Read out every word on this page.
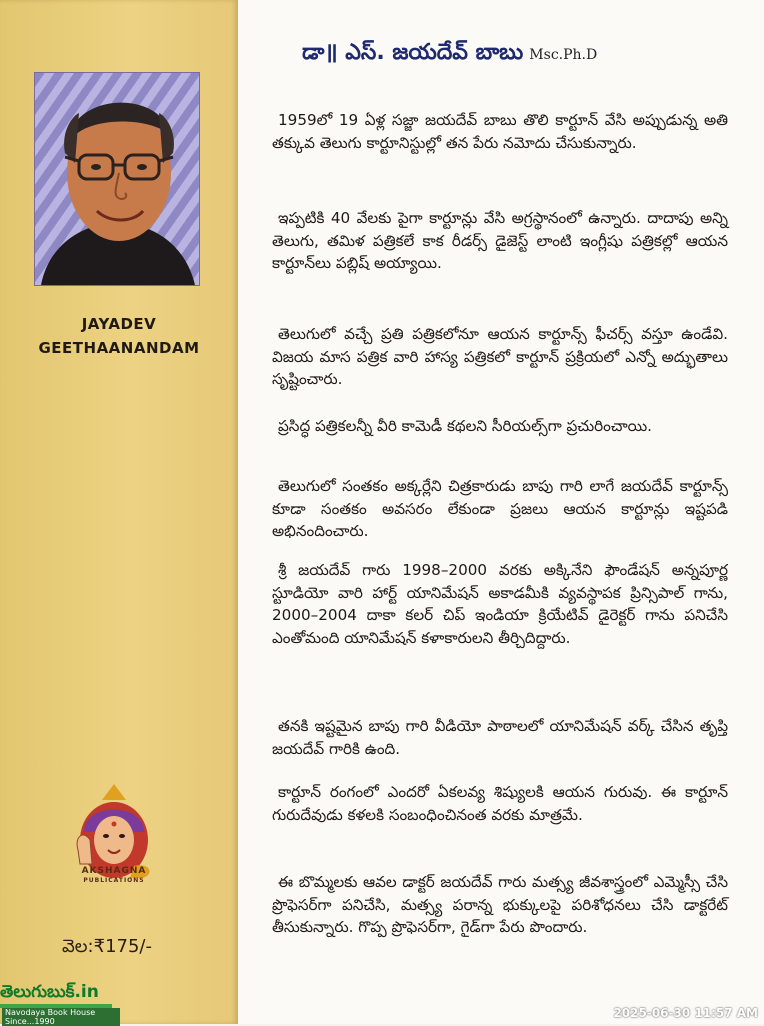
JAYADEV
GEETHAANANDAM
AKSHAGNA
PUBLICATIONS
వెల:₹175/-
తెలుగుబుక్.in
Navodaya Book House Since...1990
డా॥ ఎస్. జయదేవ్ బాబు Msc.Ph.D

1959లో 19 ఏళ్ల సజ్జా జయదేవ్ బాబు తొలి కార్టూన్ వేసి అప్పుడున్న అతి తక్కువ తెలుగు కార్టూనిస్టుల్లో తన పేరు నమోదు చేసుకున్నారు.

ఇప్పటికి 40 వేలకు పైగా కార్టూన్లు వేసి అగ్రస్థానంలో ఉన్నారు. దాదాపు అన్ని తెలుగు, తమిళ పత్రికలే కాక రీడర్స్ డైజెస్ట్ లాంటి ఇంగ్లీషు పత్రికల్లో ఆయన కార్టూన్‌లు పబ్లిష్ అయ్యాయి.

తెలుగులో వచ్చే ప్రతి పత్రికలోనూ ఆయన కార్టూన్స్ ఫీచర్స్ వస్తూ ఉండేవి. విజయ మాస పత్రిక వారి హాస్య పత్రికలో కార్టూన్ ప్రక్రియలో ఎన్నో అద్భుతాలు సృష్టించారు.

ప్రసిద్ధ పత్రికలన్నీ వీరి కామెడీ కథలని సీరియల్స్‌గా ప్రచురించాయి.

తెలుగులో సంతకం అక్కర్లేని చిత్రకారుడు బాపు గారి లాగే జయదేవ్ కార్టూన్స్ కూడా సంతకం అవసరం లేకుండా ప్రజలు ఆయన కార్టూన్లు ఇష్టపడి అభినందించారు.

శ్రీ జయదేవ్ గారు 1998–2000 వరకు అక్కినేని ఫౌండేషన్ అన్నపూర్ణ స్టూడియో వారి హార్ట్ యానిమేషన్ అకాడమీకి వ్యవస్థాపక ప్రిన్సిపాల్ గాను, 2000–2004 దాకా కలర్ చిప్ ఇండియా క్రియేటివ్ డైరెక్టర్ గాను పనిచేసి ఎంతోమంది యానిమేషన్ కళాకారులని తీర్చిదిద్దారు.

తనకి ఇష్టమైన బాపు గారి వీడియో పాఠాలలో యానిమేషన్ వర్క్ చేసిన తృప్తి జయదేవ్ గారికి ఉంది.

కార్టూన్ రంగంలో ఎందరో ఏకలవ్య శిష్యులకి ఆయన గురువు. ఈ కార్టూన్ గురుదేవుడు కళలకి సంబంధించినంత వరకు మాత్రమే.

ఈ బొమ్మలకు ఆవల డాక్టర్ జయదేవ్ గారు మత్స్య జీవశాస్త్రంలో ఎమ్మెస్సీ చేసి ప్రొఫెసర్‌గా పనిచేసి, మత్స్య పరాన్న భుక్కులపై పరిశోధనలు చేసి డాక్టరేట్ తీసుకున్నారు. గొప్ప ప్రొఫెసర్‌గా, గైడ్‌గా పేరు పొందారు.

2025-06-30 11:57 AM
